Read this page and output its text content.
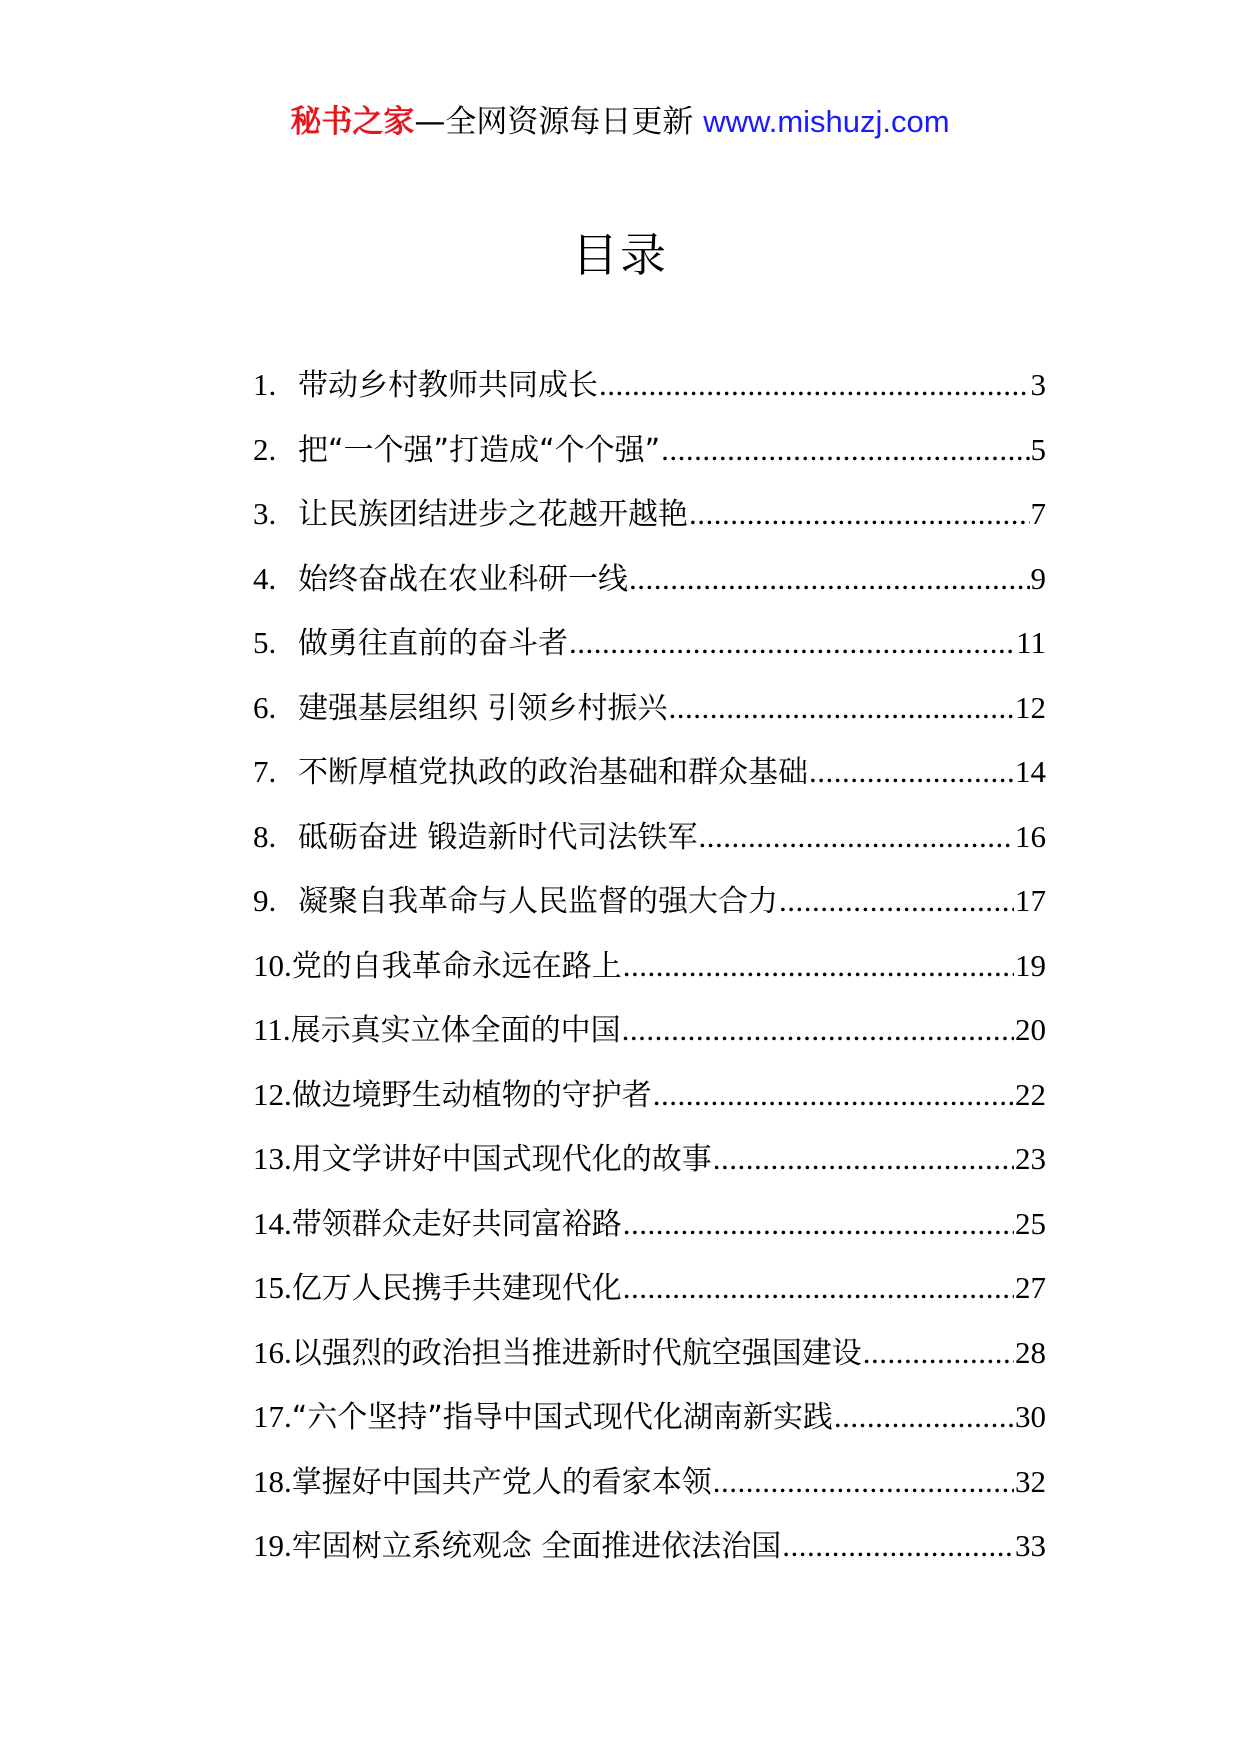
秘书之家—全网资源每日更新 www.mishuzj.com
目录
1. 带动乡村教师共同成长 .....	3
2. 把“一个强”打造成“个个强” .....	5
3. 让民族团结进步之花越开越艳 .....	7
4. 始终奋战在农业科研一线 .....	9
5. 做勇往直前的奋斗者 .....	11
6. 建强基层组织 引领乡村振兴 .....	12
7. 不断厚植党执政的政治基础和群众基础 .....	14
8. 砥砺奋进 锻造新时代司法铁军 .....	16
9. 凝聚自我革命与人民监督的强大合力 .....	17
10. 党的自我革命永远在路上 .....	19
11. 展示真实立体全面的中国 .....	20
12. 做边境野生动植物的守护者 .....	22
13. 用文学讲好中国式现代化的故事 .....	23
14. 带领群众走好共同富裕路 .....	25
15. 亿万人民携手共建现代化 .....	27
16. 以强烈的政治担当推进新时代航空强国建设 .....	28
17. “六个坚持”指导中国式现代化湖南新实践 .....	30
18. 掌握好中国共产党人的看家本领 .....	32
19. 牢固树立系统观念 全面推进依法治国 .....	33
